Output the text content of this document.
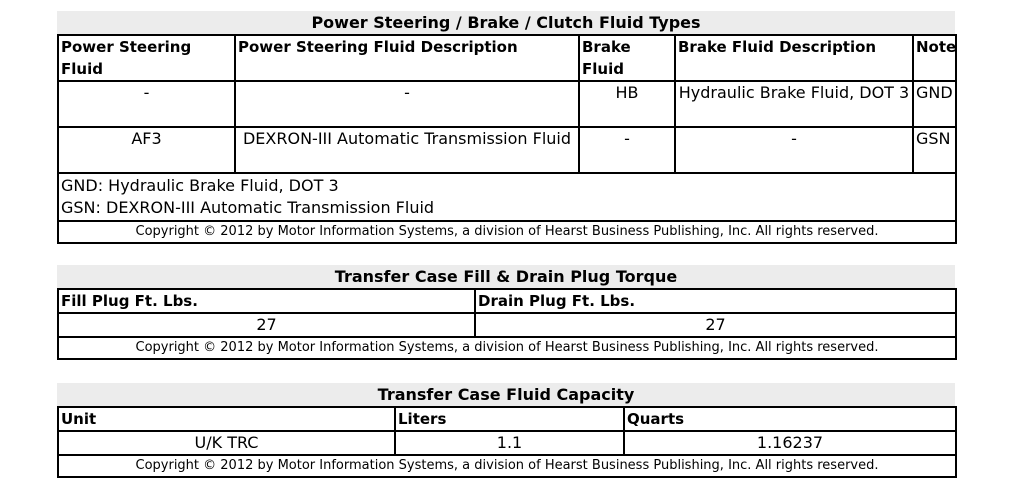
Power Steering / Brake / Clutch Fluid Types
Power Steering Fluid	Power Steering Fluid Description	Brake Fluid	Brake Fluid Description	Note
-	-	HB	Hydraulic Brake Fluid, DOT 3	GND
AF3	DEXRON-III Automatic Transmission Fluid	-	-	GSN

GND: Hydraulic Brake Fluid, DOT 3
GSN: DEXRON-III Automatic Transmission Fluid				

Copyright © 2012 by Motor Information Systems, a division of Hearst Business Publishing, Inc. All rights reserved.				
Transfer Case Fill & Drain Plug Torque
Fill Plug Ft. Lbs.	Drain Plug Ft. Lbs.
27	27
Copyright © 2012 by Motor Information Systems, a division of Hearst Business Publishing, Inc. All rights reserved.	
Transfer Case Fluid Capacity
Unit	Liters	Quarts
U/K TRC	1.1	1.16237
Copyright © 2012 by Motor Information Systems, a division of Hearst Business Publishing, Inc. All rights reserved.		
